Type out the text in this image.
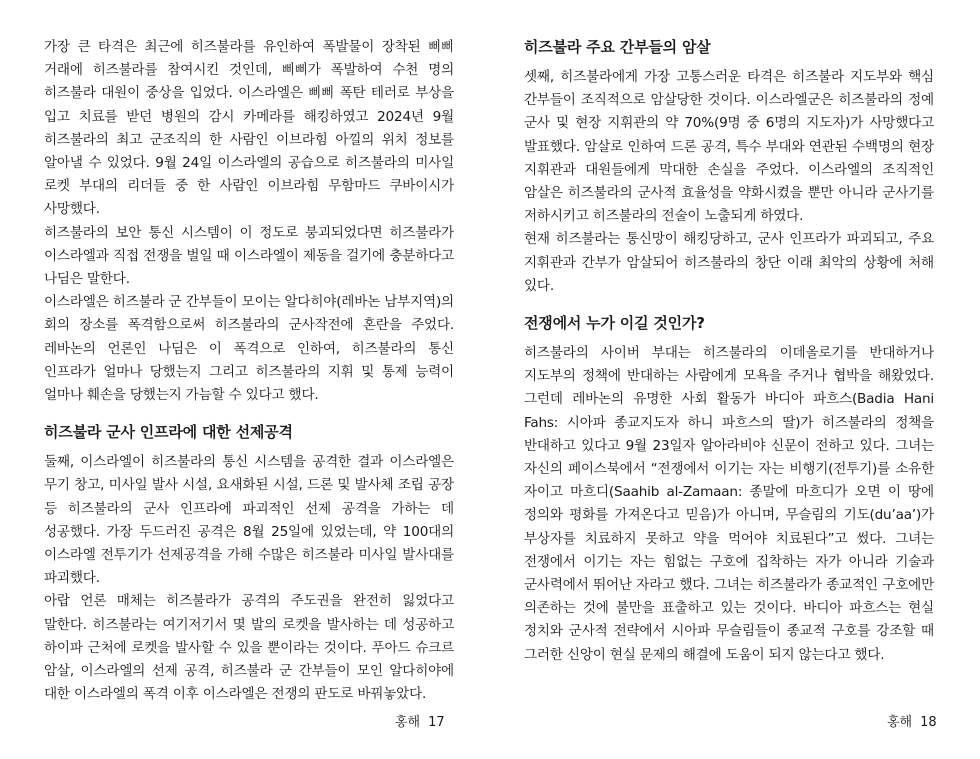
가장 큰 타격은 최근에 히즈불라를 유인하여 폭발물이 장착된 삐삐 거래에 히즈불라를 참여시킨 것인데, 삐삐가 폭발하여 수천 명의 히즈불라 대원이 중상을 입었다. 이스라엘은 삐삐 폭탄 테러로 부상을 입고 치료를 받던 병원의 감시 카메라를 해킹하였고 2024년 9월 히즈불라의 최고 군조직의 한 사람인 이브라힘 아낄의 위치 정보를 알아낼 수 있었다. 9월 24일 이스라엘의 공습으로 히즈불라의 미사일 로켓 부대의 리더들 중 한 사람인 이브라힘 무함마드 쿠바이시가 사망했다.

히즈불라의 보안 통신 시스템이 이 정도로 붕괴되었다면 히즈불라가 이스라엘과 직접 전쟁을 벌일 때 이스라엘이 제동을 걸기에 충분하다고 나딤은 말한다.

이스라엘은 히즈불라 군 간부들이 모이는 알다히야(레바논 남부지역)의 회의 장소를 폭격함으로써 히즈불라의 군사작전에 혼란을 주었다. 레바논의 언론인 나딤은 이 폭격으로 인하여, 히즈불라의 통신 인프라가 얼마나 당했는지 그리고 히즈불라의 지휘 및 통제 능력이 얼마나 훼손을 당했는지 가늠할 수 있다고 했다.

히즈불라 군사 인프라에 대한 선제공격

둘째, 이스라엘이 히즈불라의 통신 시스템을 공격한 결과 이스라엘은 무기 창고, 미사일 발사 시설, 요새화된 시설, 드론 및 발사체 조립 공장 등 히즈불라의 군사 인프라에 파괴적인 선제 공격을 가하는 데 성공했다. 가장 두드러진 공격은 8월 25일에 있었는데, 약 100대의 이스라엘 전투기가 선제공격을 가해 수많은 히즈불라 미사일 발사대를 파괴했다.

아랍 언론 매체는 히즈불라가 공격의 주도권을 완전히 잃었다고 말한다. 히즈불라는 여기저기서 몇 발의 로켓을 발사하는 데 성공하고 하이파 근처에 로켓을 발사할 수 있을 뿐이라는 것이다. 푸아드 슈크르 암살, 이스라엘의 선제 공격, 히즈불라 군 간부들이 모인 알다히야에 대한 이스라엘의 폭격 이후 이스라엘은 전쟁의 판도로 바꿔놓았다.

홍해 17
히즈불라 주요 간부들의 암살

셋째, 히즈불라에게 가장 고통스러운 타격은 히즈불라 지도부와 핵심 간부들이 조직적으로 암살당한 것이다. 이스라엘군은 히즈불라의 정예 군사 및 현장 지휘관의 약 70%(9명 중 6명의 지도자)가 사망했다고 발표했다. 암살로 인하여 드론 공격, 특수 부대와 연관된 수백명의 현장 지휘관과 대원들에게 막대한 손실을 주었다. 이스라엘의 조직적인 암살은 히즈불라의 군사적 효율성을 약화시켰을 뿐만 아니라 군사기를 저하시키고 히즈불라의 전술이 노출되게 하였다.

현재 히즈불라는 통신망이 해킹당하고, 군사 인프라가 파괴되고, 주요 지휘관과 간부가 암살되어 히즈불라의 창단 이래 최악의 상황에 처해 있다.

전쟁에서 누가 이길 것인가?

히즈불라의 사이버 부대는 히즈불라의 이데올로기를 반대하거나 지도부의 정책에 반대하는 사람에게 모욕을 주거나 협박을 해왔었다. 그런데 레바논의 유명한 사회 활동가 바디아 파흐스(Badia Hani Fahs: 시아파 종교지도자 하니 파흐스의 딸)가 히즈불라의 정책을 반대하고 있다고 9월 23일자 알아라비야 신문이 전하고 있다. 그녀는 자신의 페이스북에서 “전쟁에서 이기는 자는 비행기(전투기)를 소유한 자이고 마흐디(Saahib al-Zamaan: 종말에 마흐디가 오면 이 땅에 정의와 평화를 가져온다고 믿음)가 아니며, 무슬림의 기도(du’aa’)가 부상자를 치료하지 못하고 약을 먹어야 치료된다”고 썼다. 그녀는 전쟁에서 이기는 자는 힘없는 구호에 집착하는 자가 아니라 기술과 군사력에서 뛰어난 자라고 했다. 그녀는 히즈불라가 종교적인 구호에만 의존하는 것에 불만을 표출하고 있는 것이다. 바디아 파흐스는 현실 정치와 군사적 전략에서 시아파 무슬림들이 종교적 구호를 강조할 때 그러한 신앙이 현실 문제의 해결에 도움이 되지 않는다고 했다.

홍해 18
